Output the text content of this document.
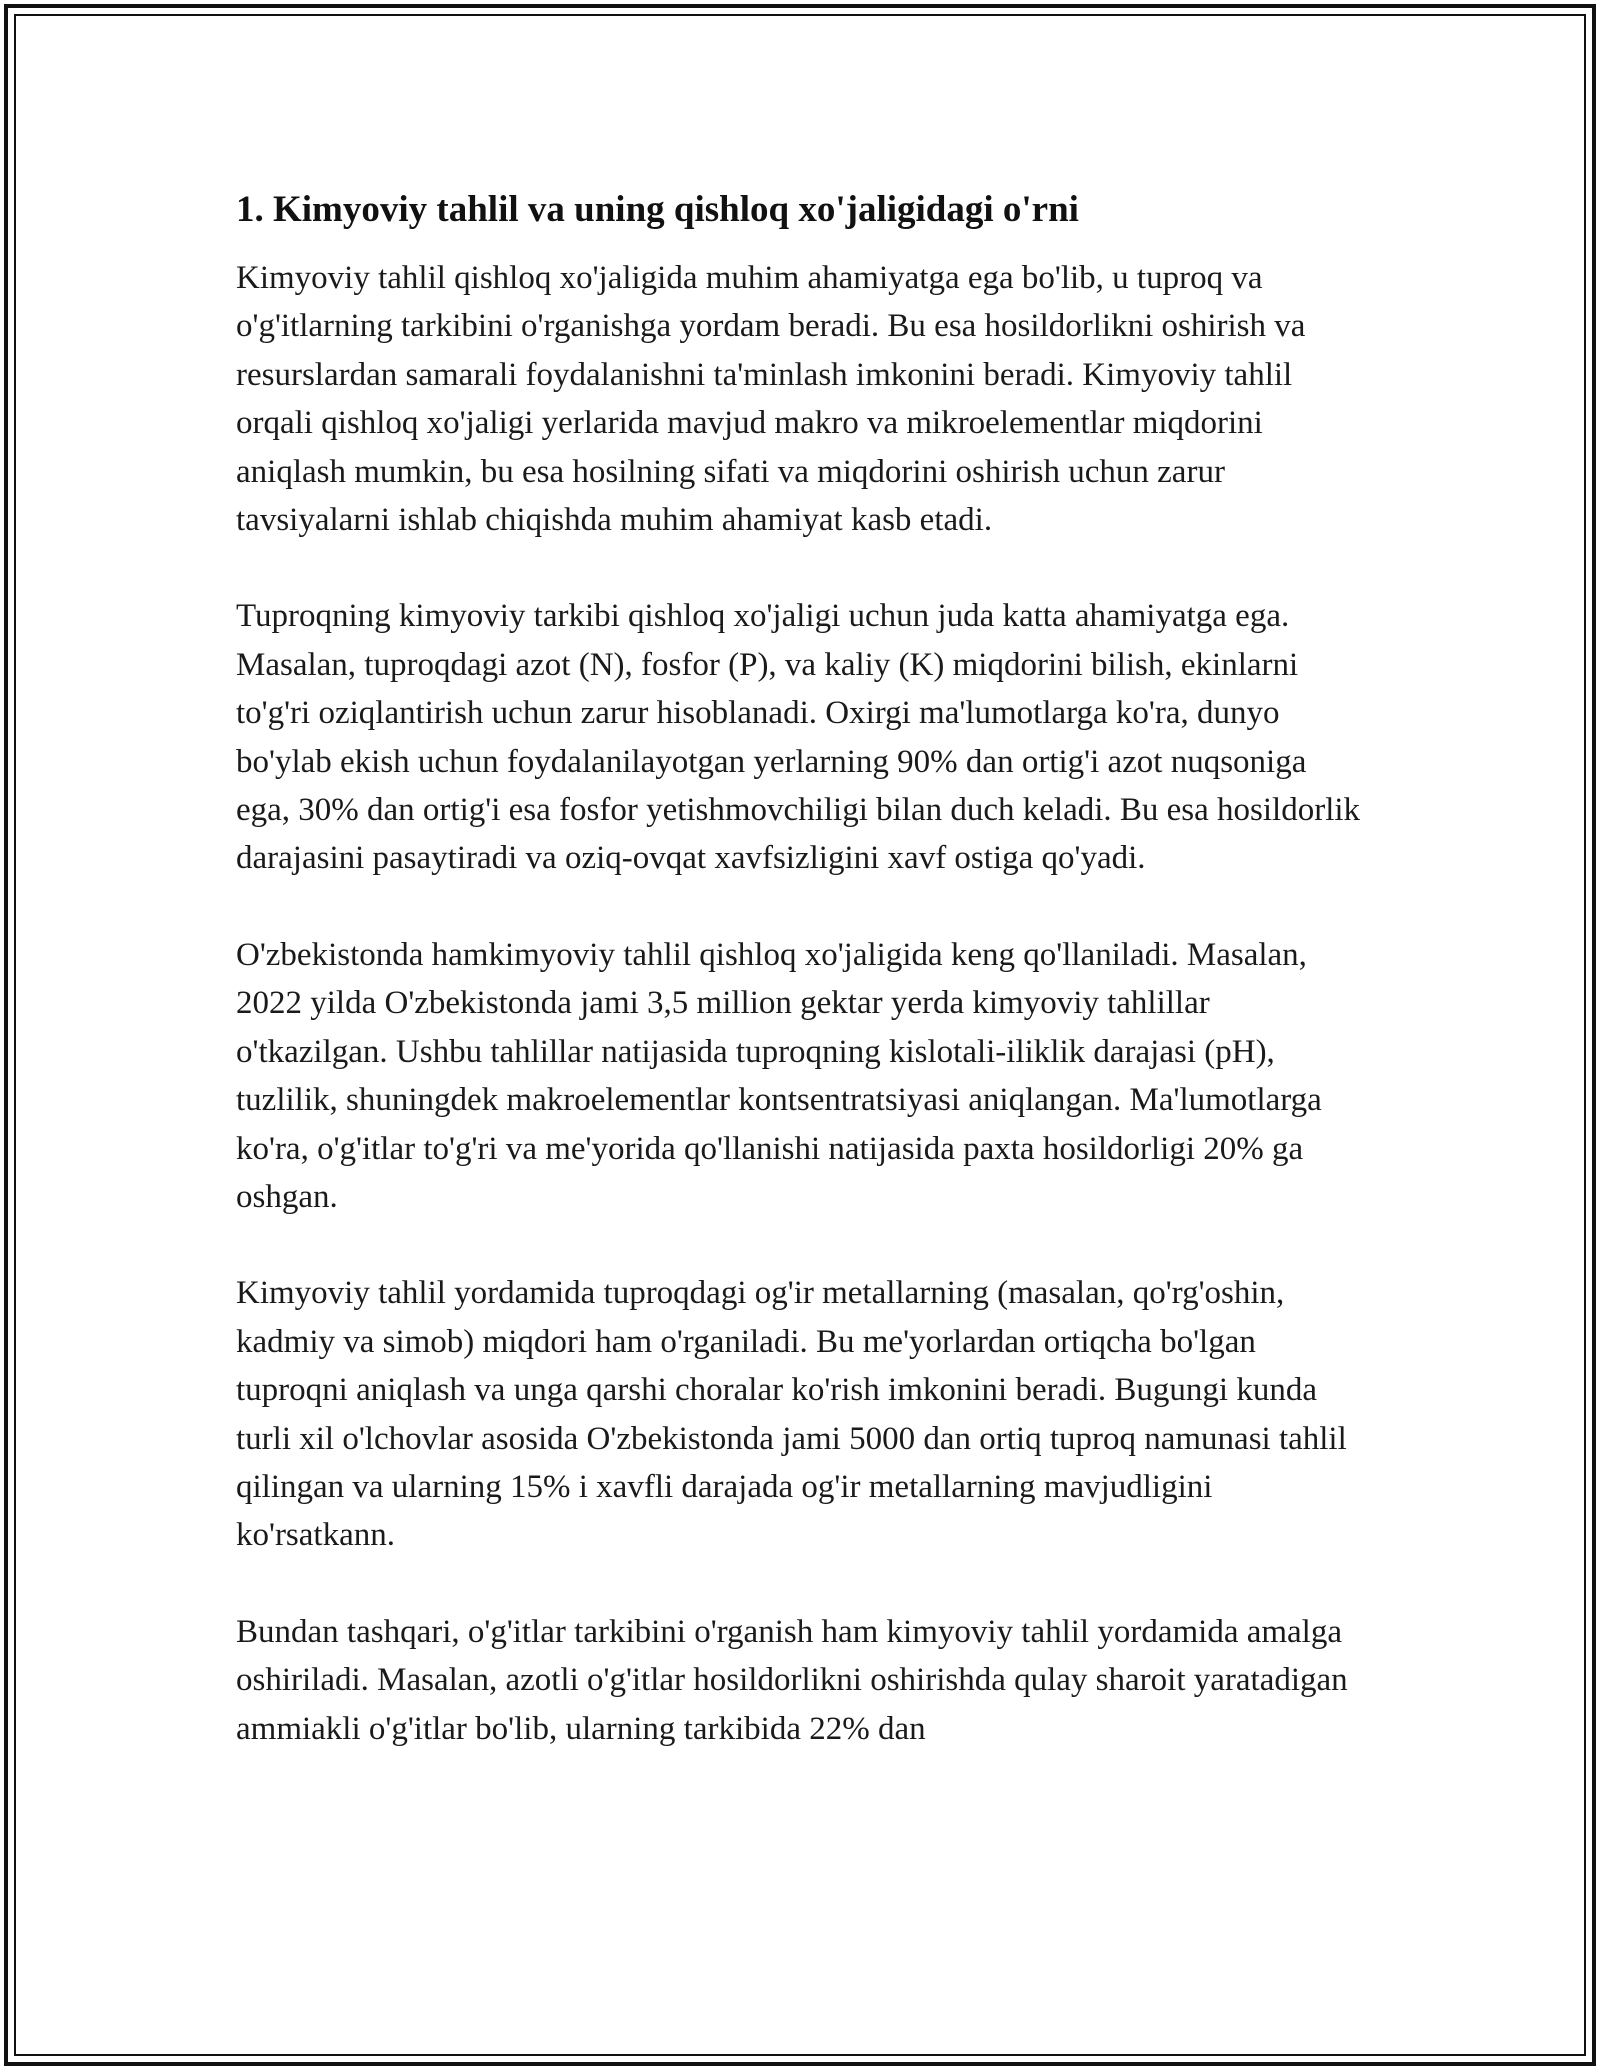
1. Kimyoviy tahlil va uning qishloq xo'jaligidagi o'rni

Kimyoviy tahlil qishloq xo'jaligida muhim ahamiyatga ega bo'lib, u tuproq va o'g'itlarning tarkibini o'rganishga yordam beradi. Bu esa hosildorlikni oshirish va resurslardan samarali foydalanishni ta'minlash imkonini beradi. Kimyoviy tahlil orqali qishloq xo'jaligi yerlarida mavjud makro va mikroelementlar miqdorini aniqlash mumkin, bu esa hosilning sifati va miqdorini oshirish uchun zarur tavsiyalarni ishlab chiqishda muhim ahamiyat kasb etadi.

Tuproqning kimyoviy tarkibi qishloq xo'jaligi uchun juda katta ahamiyatga ega. Masalan, tuproqdagi azot (N), fosfor (P), va kaliy (K) miqdorini bilish, ekinlarni to'g'ri oziqlantirish uchun zarur hisoblanadi. Oxirgi ma'lumotlarga ko'ra, dunyo bo'ylab ekish uchun foydalanilayotgan yerlarning 90% dan ortig'i azot nuqsoniga ega, 30% dan ortig'i esa fosfor yetishmovchiligi bilan duch keladi. Bu esa hosildorlik darajasini pasaytiradi va oziq-ovqat xavfsizligini xavf ostiga qo'yadi.

O'zbekistonda hamkimyoviy tahlil qishloq xo'jaligida keng qo'llaniladi. Masalan, 2022 yilda O'zbekistonda jami 3,5 million gektar yerda kimyoviy tahlillar o'tkazilgan. Ushbu tahlillar natijasida tuproqning kislotali-iliklik darajasi (pH), tuzlilik, shuningdek makroelementlar kontsentratsiyasi aniqlangan. Ma'lumotlarga ko'ra, o'g'itlar to'g'ri va me'yorida qo'llanishi natijasida paxta hosildorligi 20% ga oshgan.

Kimyoviy tahlil yordamida tuproqdagi og'ir metallarning (masalan, qo'rg'oshin, kadmiy va simob) miqdori ham o'rganiladi. Bu me'yorlardan ortiqcha bo'lgan tuproqni aniqlash va unga qarshi choralar ko'rish imkonini beradi. Bugungi kunda turli xil o'lchovlar asosida O'zbekistonda jami 5000 dan ortiq tuproq namunasi tahlil qilingan va ularning 15% i xavfli darajada og'ir metallarning mavjudligini ko'rsatkann.

Bundan tashqari, o'g'itlar tarkibini o'rganish ham kimyoviy tahlil yordamida amalga oshiriladi. Masalan, azotli o'g'itlar hosildorlikni oshirishda qulay sharoit yaratadigan ammiakli o'g'itlar bo'lib, ularning tarkibida 22% dan
